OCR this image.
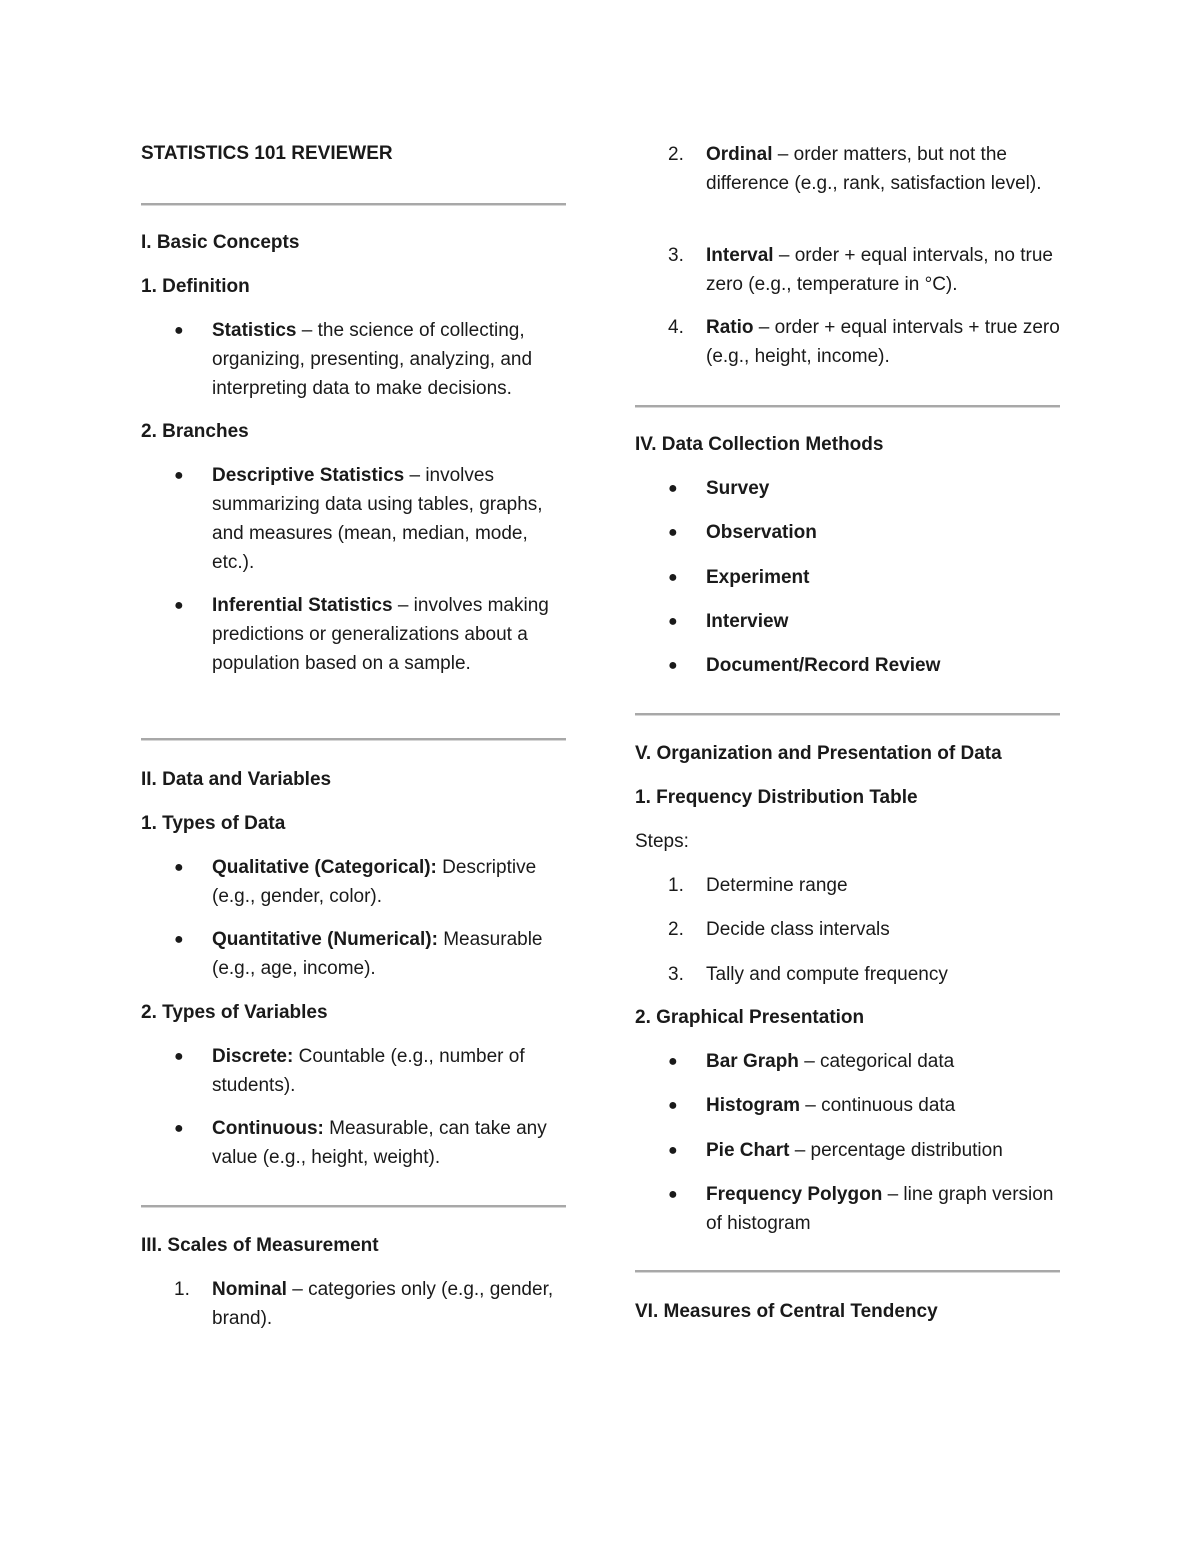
STATISTICS 101 REVIEWER

I. Basic Concepts

1. Definition

● Statistics – the science of collecting, organizing, presenting, analyzing, and interpreting data to make decisions.

2. Branches

● Descriptive Statistics – involves summarizing data using tables, graphs, and measures (mean, median, mode, etc.).
● Inferential Statistics – involves making predictions or generalizations about a population based on a sample.

II. Data and Variables

1. Types of Data

● Qualitative (Categorical): Descriptive (e.g., gender, color).
● Quantitative (Numerical): Measurable (e.g., age, income).

2. Types of Variables

● Discrete: Countable (e.g., number of students).
● Continuous: Measurable, can take any value (e.g., height, weight).

III. Scales of Measurement

1. Nominal – categories only (e.g., gender, brand).
2. Ordinal – order matters, but not the difference (e.g., rank, satisfaction level).
3. Interval – order + equal intervals, no true zero (e.g., temperature in °C).
4. Ratio – order + equal intervals + true zero (e.g., height, income).

IV. Data Collection Methods

● Survey
● Observation
● Experiment
● Interview
● Document/Record Review

V. Organization and Presentation of Data

1. Frequency Distribution Table

Steps:

1. Determine range
2. Decide class intervals
3. Tally and compute frequency

2. Graphical Presentation

● Bar Graph – categorical data
● Histogram – continuous data
● Pie Chart – percentage distribution
● Frequency Polygon – line graph version of histogram

VI. Measures of Central Tendency
